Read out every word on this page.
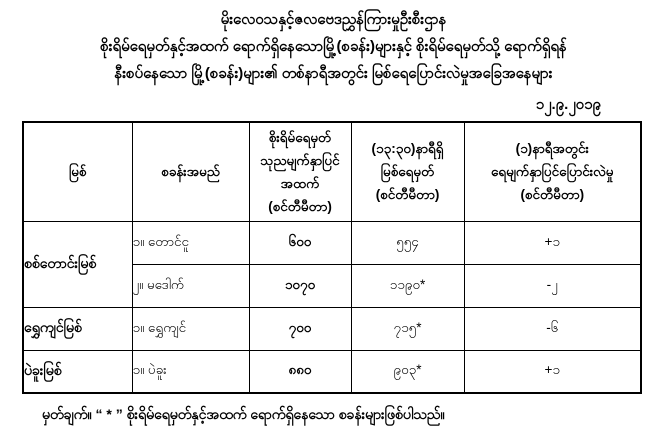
မိုးလေဝသနှင့်ဇလဗေဒညွှန်ကြားမှုဦးစီးဌာန
စိုးရိမ်ရေမှတ်နှင့်အထက် ရောက်ရှိနေသောမြို့(စခန်း)များနှင့် စိုးရိမ်ရေမှတ်သို့ ရောက်ရှိရန်
နီးစပ်နေသော မြို့(စခန်း)များ၏ တစ်နာရီအတွင်း မြစ်ရေပြောင်းလဲမှုအခြေအနေများ
၁၂.၉.၂၀၁၉
မြစ်	စခန်းအမည်

စိုးရိမ်ရေမှတ်
သုညမျက်နှာပြင်
အထက်
(စင်တီမီတာ)

(၁၃:၃၀)နာရီရှိ
မြစ်ရေမှတ်
(စင်တီမီတာ)

(၁)နာရီအတွင်း
ရေမျက်နှာပြင်ပြောင်းလဲမှု
(စင်တီမီတာ)

စစ်တောင်းမြစ်	၁။ တောင်ငူ	၆၀၀	၅၅၄	+၁
	၂။ မဒေါက်	၁၀၇၀	၁၁၉၀*	-၂
ရွှေကျင်မြစ်	၁။ ရွှေကျင်	၇၀၀	၇၁၅*	-၆
ပဲခူးမြစ်	၁။ ပဲခူး	၈၈၀	၉၀၃*	+၁
မှတ်ချက်။ “ * ” စိုးရိမ်ရေမှတ်နှင့်အထက် ရောက်ရှိနေသော စခန်းများဖြစ်ပါသည်။
